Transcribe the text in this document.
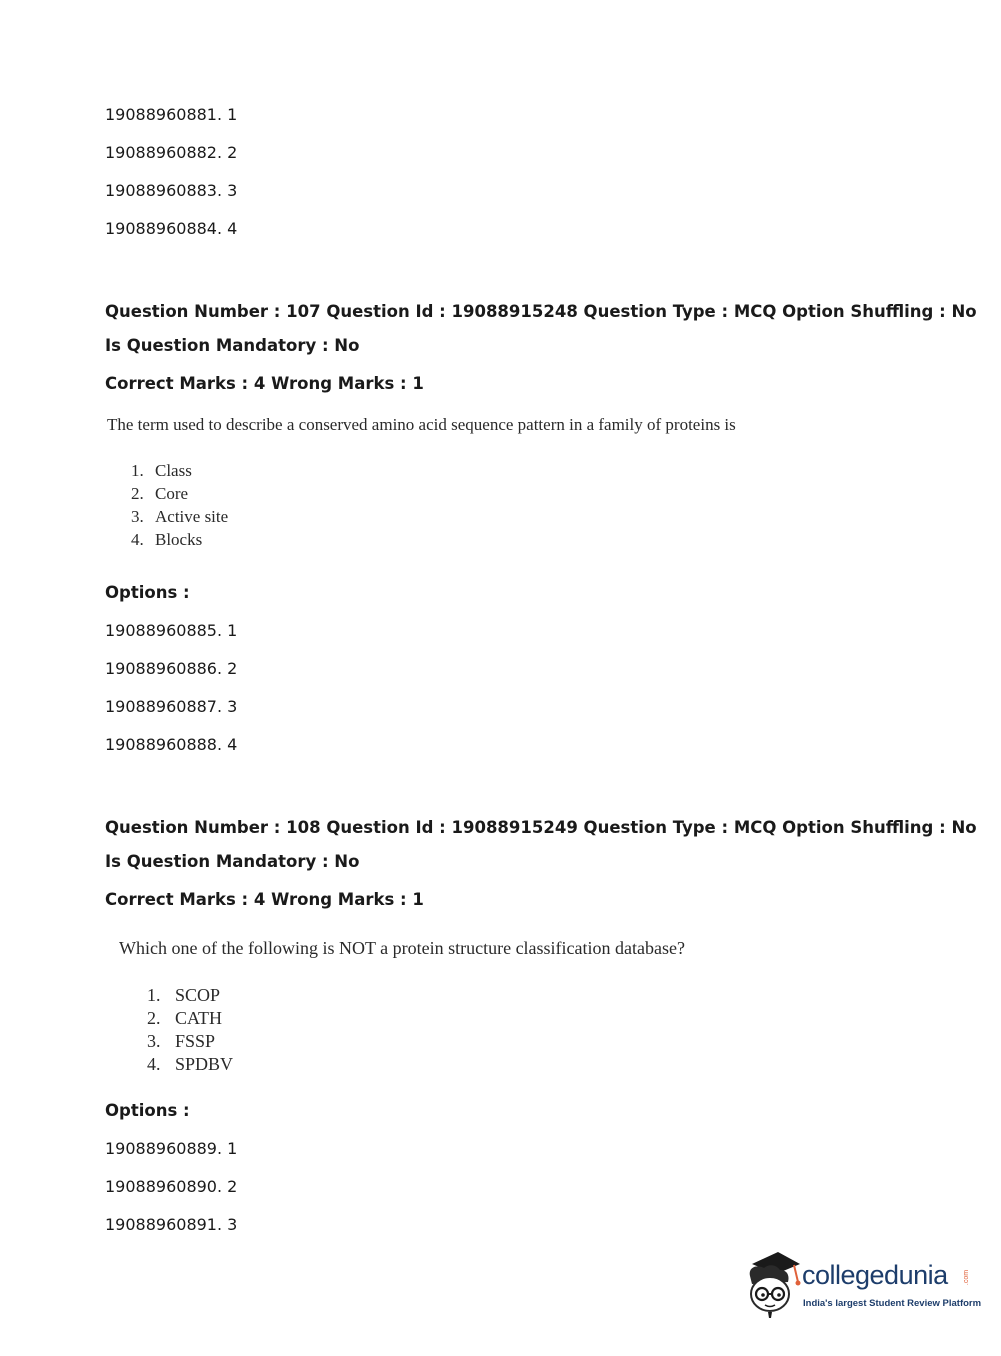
19088960881. 1
19088960882. 2
19088960883. 3
19088960884. 4
Question Number : 107 Question Id : 19088915248 Question Type : MCQ Option Shuffling : No
Is Question Mandatory : No
Correct Marks : 4 Wrong Marks : 1
The term used to describe a conserved amino acid sequence pattern in a family of proteins is
1. Class
2. Core
3. Active site
4. Blocks
Options :
19088960885. 1
19088960886. 2
19088960887. 3
19088960888. 4
Question Number : 108 Question Id : 19088915249 Question Type : MCQ Option Shuffling : No
Is Question Mandatory : No
Correct Marks : 4 Wrong Marks : 1
Which one of the following is NOT a protein structure classification database?
1. SCOP
2. CATH
3. FSSP
4. SPDBV
Options :
19088960889. 1
19088960890. 2
19088960891. 3
collegedunia .com
India's largest Student Review Platform
